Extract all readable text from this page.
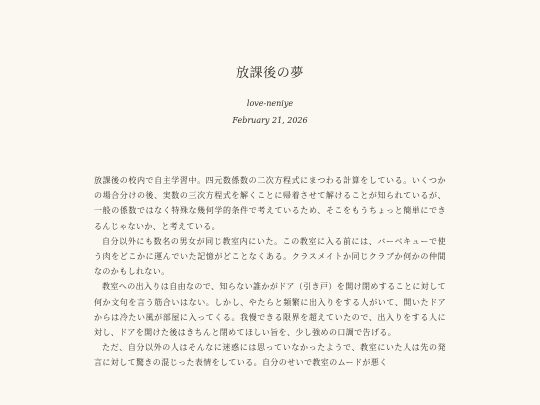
放課後の夢
love-neniye
February 21, 2026

放課後の校内で自主学習中。四元数係数の二次方程式にまつわる計算をしている。いくつかの場合分けの後、実数の三次方程式を解くことに帰着させて解けることが知られているが、一般の係数ではなく特殊な幾何学的条件で考えているため、そこをもうちょっと簡単にできるんじゃないか、と考えている。

自分以外にも数名の男女が同じ教室内にいた。この教室に入る前には、バーベキューで使う肉をどこかに運んでいた記憶がどことなくある。クラスメイトか同じクラブか何かの仲間なのかもしれない。

教室への出入りは自由なので、知らない誰かがドア（引き戸）を開け閉めすることに対して何か文句を言う筋合いはない。しかし、やたらと頻繁に出入りをする人がいて、開いたドアからは冷たい風が部屋に入ってくる。我慢できる限界を超えていたので、出入りをする人に対し、ドアを開けた後はきちんと閉めてほしい旨を、少し強めの口調で告げる。

ただ、自分以外の人はそんなに迷惑には思っていなかったようで、教室にいた人は先の発言に対して驚きの混じった表情をしている。自分のせいで教室のムードが悪く
